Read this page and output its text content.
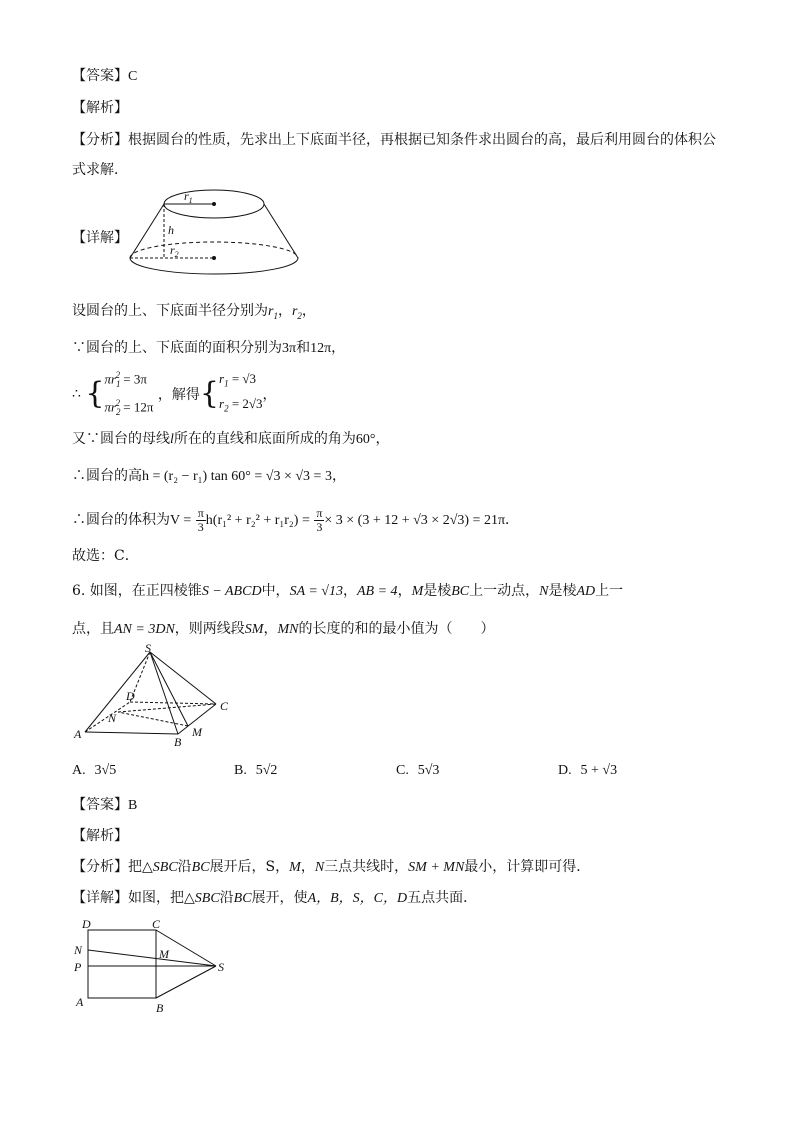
【答案】C
【解析】
【分析】根据圆台的性质，先求出上下底面半径，再根据已知条件求出圆台的高，最后利用圆台的体积公
式求解．
【详解】
$r_1$
h
$r_2$
设圆台的上、下底面半径分别为$r_1$，$r_2$，
∵圆台的上、下底面的面积分别为3π和12π，
∴ { $\pi r_1^2 = 3\pi$
$\pi r_2^2 = 12\pi$
，解得{ $r_1 = √3$
$r_2 = 2√3$
，
又∵圆台的母线l所在的直线和底面所成的角为60°，
∴圆台的高h = (r₂ − r₁) tan 60° = √3 × √3 = 3，
∴圆台的体积为$V = \frac{\pi}{3} h(r_1^2 + r_2^2 + r_1r_2) = \frac{\pi}{3} \times 3 \times (3 + 12 + √3 \times 2√3) = 21\pi$．
故选：C．
6. 如图，在正四棱锥S − ABCD中，SA = √13，AB = 4，M是棱BC上一动点，N是棱AD上一
点，且AN = 3DN，则两线段SM，MN的长度的和的最小值为（　　）
S
D
C
N
A
B
M
A. 3√5	B. 5√2	C. 5√3	D. 5 + √3
【答案】B
【解析】
【分析】把△SBC沿BC展开后，S，M，N三点共线时，SM + MN最小，计算即可得．
【详解】如图，把△SBC沿BC展开，使A，B，S，C，D五点共面．
D	C
N	M
P	S
A	B
